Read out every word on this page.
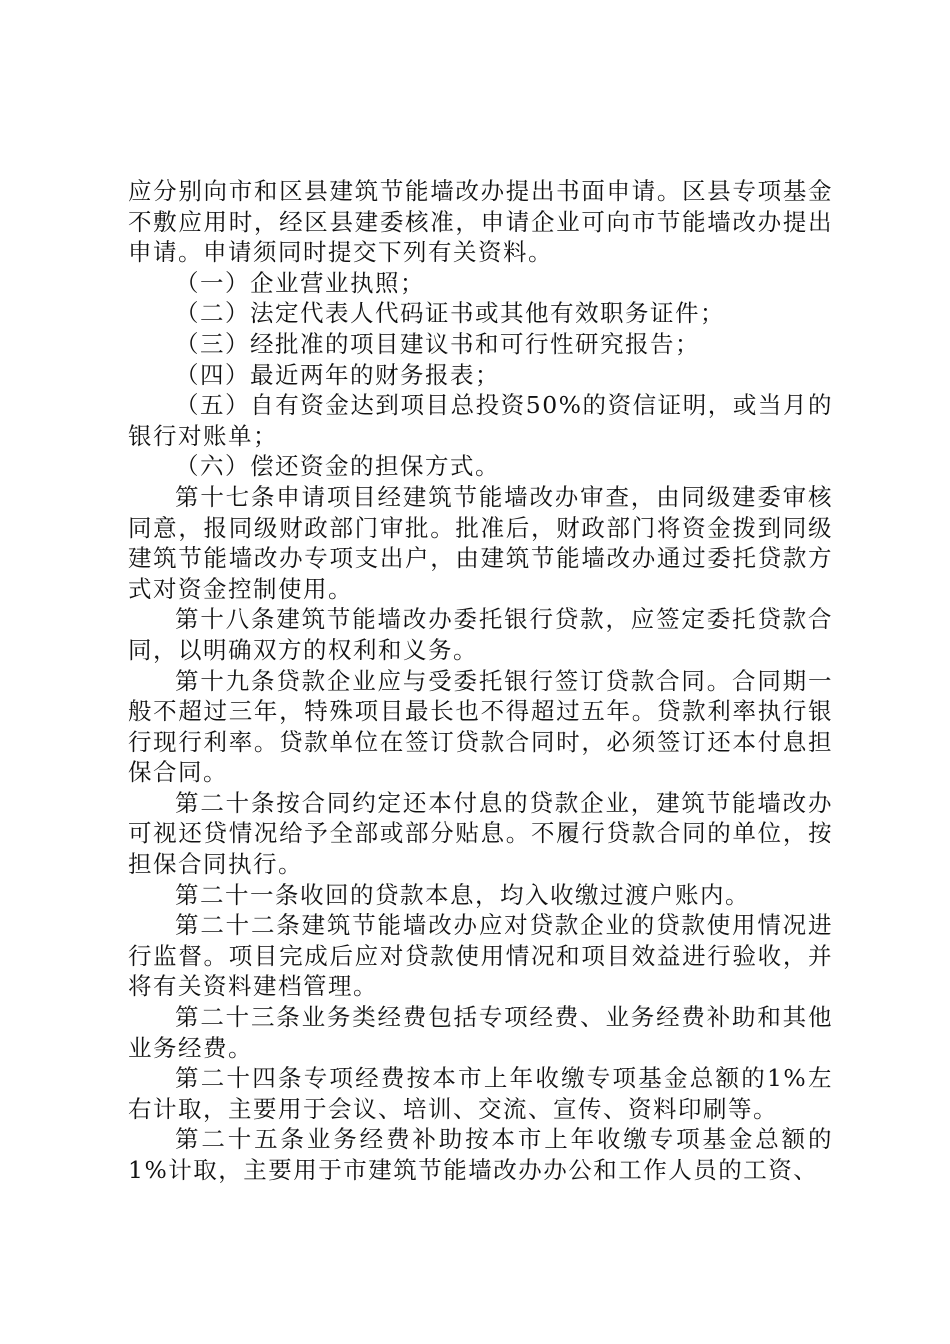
应分别向市和区县建筑节能墙改办提出书面申请。区县专项基金不敷应用时，经区县建委核准，申请企业可向市节能墙改办提出申请。申请须同时提交下列有关资料。

（一）企业营业执照；

（二）法定代表人代码证书或其他有效职务证件；

（三）经批准的项目建议书和可行性研究报告；

（四）最近两年的财务报表；

（五）自有资金达到项目总投资50%的资信证明，或当月的银行对账单；

（六）偿还资金的担保方式。

第十七条申请项目经建筑节能墙改办审查，由同级建委审核同意，报同级财政部门审批。批准后，财政部门将资金拨到同级建筑节能墙改办专项支出户，由建筑节能墙改办通过委托贷款方式对资金控制使用。

第十八条建筑节能墙改办委托银行贷款，应签定委托贷款合同，以明确双方的权利和义务。

第十九条贷款企业应与受委托银行签订贷款合同。合同期一般不超过三年，特殊项目最长也不得超过五年。贷款利率执行银行现行利率。贷款单位在签订贷款合同时，必须签订还本付息担保合同。

第二十条按合同约定还本付息的贷款企业，建筑节能墙改办可视还贷情况给予全部或部分贴息。不履行贷款合同的单位，按担保合同执行。

第二十一条收回的贷款本息，均入收缴过渡户账内。

第二十二条建筑节能墙改办应对贷款企业的贷款使用情况进行监督。项目完成后应对贷款使用情况和项目效益进行验收，并将有关资料建档管理。

第二十三条业务类经费包括专项经费、业务经费补助和其他业务经费。

第二十四条专项经费按本市上年收缴专项基金总额的1%左右计取，主要用于会议、培训、交流、宣传、资料印刷等。

第二十五条业务经费补助按本市上年收缴专项基金总额的1%计取，主要用于市建筑节能墙改办办公和工作人员的工资、
